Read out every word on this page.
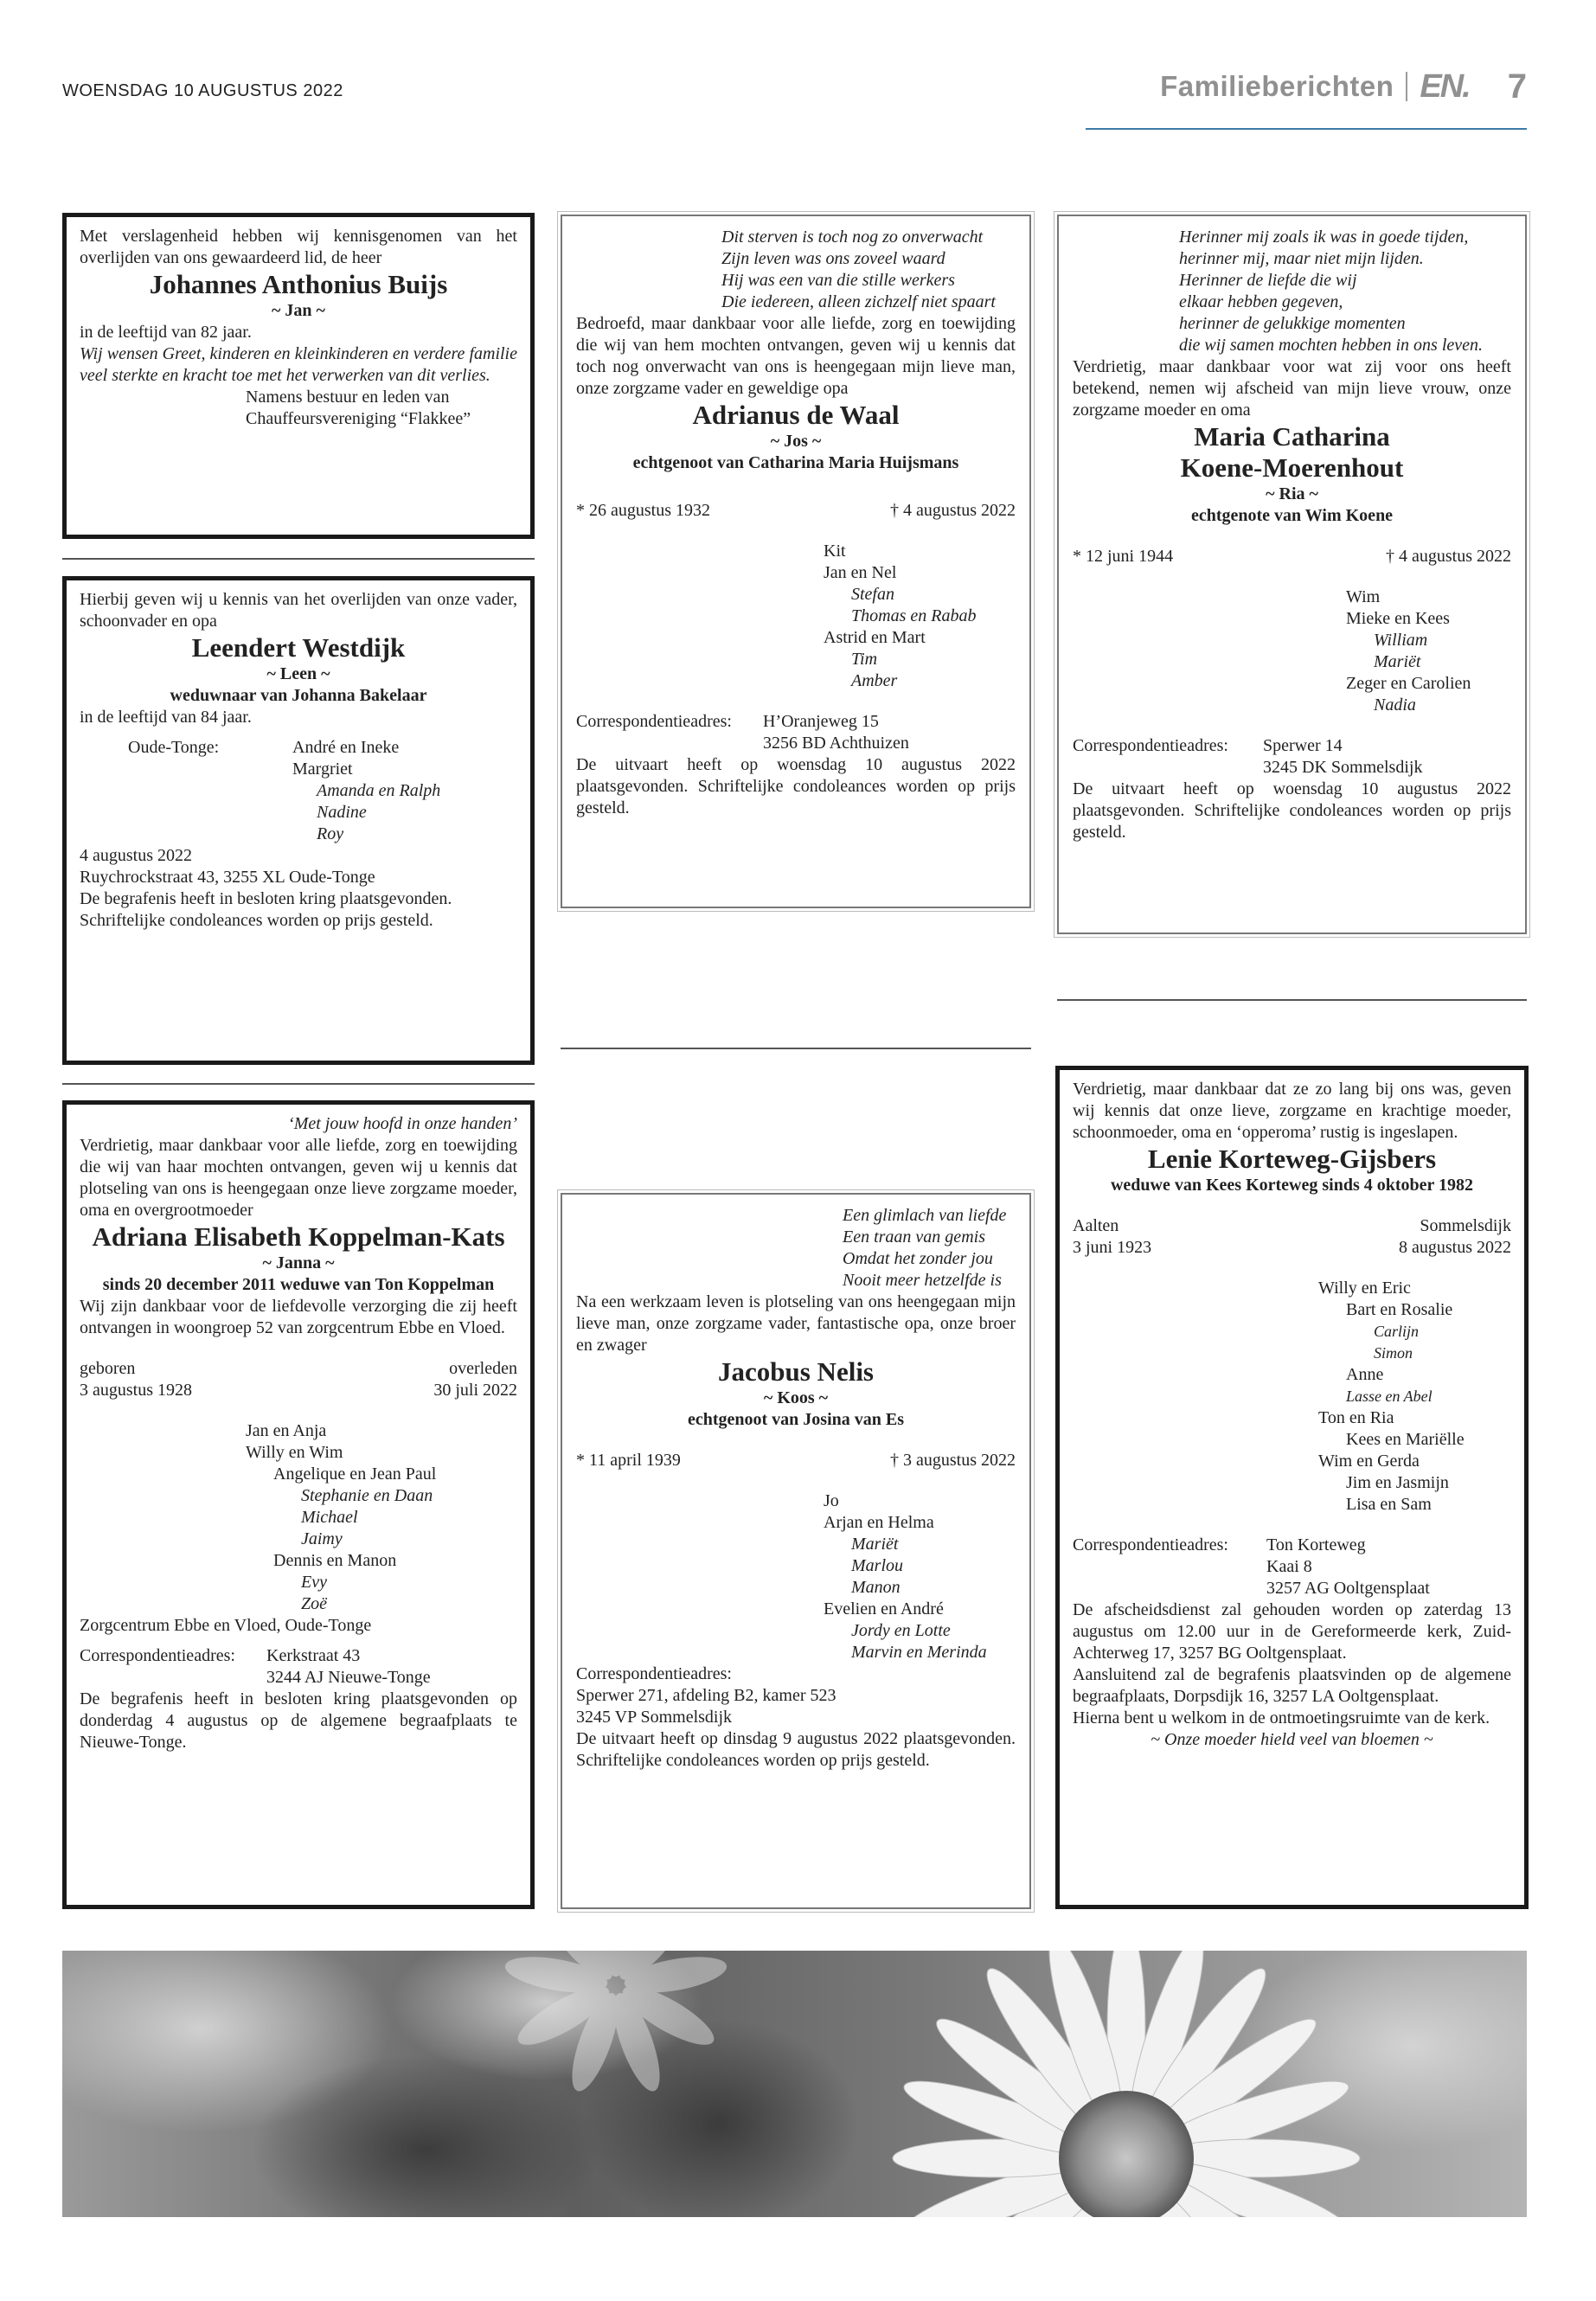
WOENSDAG 10 AUGUSTUS 2022	Familieberichten EN. 7

Met verslagenheid hebben wij kennisgenomen van het overlijden van ons gewaardeerd lid, de heer

Johannes Anthonius Buijs

~ Jan ~

in de leeftijd van 82 jaar.

Wij wensen Greet, kinderen en kleinkinderen en verdere familie veel sterkte en kracht toe met het verwerken van dit verlies.

Namens bestuur en leden van

Chauffeursvereniging “Flakkee”

Hierbij geven wij u kennis van het overlijden van onze vader, schoonvader en opa

Leendert Westdijk

~ Leen ~

weduwnaar van Johanna Bakelaar

in de leeftijd van 84 jaar.

Oude-Tonge:	André en Ineke

Margriet

Amanda en Ralph

Nadine

Roy

4 augustus 2022

Ruychrockstraat 43, 3255 XL Oude-Tonge

De begrafenis heeft in besloten kring plaatsgevonden.

Schriftelijke condoleances worden op prijs gesteld.

‘Met jouw hoofd in onze handen’

Verdrietig, maar dankbaar voor alle liefde, zorg en toewijding die wij van haar mochten ontvangen, geven wij u kennis dat plotseling van ons is heengegaan onze lieve zorgzame moeder, oma en overgrootmoeder

Adriana Elisabeth Koppelman-Kats

~ Janna ~

sinds 20 december 2011 weduwe van Ton Koppelman

Wij zijn dankbaar voor de liefdevolle verzorging die zij heeft ontvangen in woongroep 52 van zorgcentrum Ebbe en Vloed.

geboren

3 augustus 1928

overleden

30 juli 2022

Jan en Anja

Willy en Wim

Angelique en Jean Paul

Stephanie en Daan

Michael

Jaimy

Dennis en Manon

Evy

Zoë

Zorgcentrum Ebbe en Vloed, Oude-Tonge

Correspondentieadres:	Kerkstraat 43

3244 AJ Nieuwe-Tonge

De begrafenis heeft in besloten kring plaatsgevonden op donderdag 4 augustus op de algemene begraafplaats te Nieuwe-Tonge.

Dit sterven is toch nog zo onverwacht

Zijn leven was ons zoveel waard

Hij was een van die stille werkers

Die iedereen, alleen zichzelf niet spaart

Bedroefd, maar dankbaar voor alle liefde, zorg en toewijding die wij van hem mochten ontvangen, geven wij u kennis dat toch nog onverwacht van ons is heengegaan mijn lieve man, onze zorgzame vader en geweldige opa

Adrianus de Waal

~ Jos ~

echtgenoot van Catharina Maria Huijsmans

* 26 augustus 1932	† 4 augustus 2022

Kit

Jan en Nel

Stefan

Thomas en Rabab

Astrid en Mart

Tim

Amber

Correspondentieadres:	H’Oranjeweg 15

3256 BD Achthuizen

De uitvaart heeft op woensdag 10 augustus 2022 plaatsgevonden. Schriftelijke condoleances worden op prijs gesteld.

Een glimlach van liefde

Een traan van gemis

Omdat het zonder jou

Nooit meer hetzelfde is

Na een werkzaam leven is plotseling van ons heengegaan mijn lieve man, onze zorgzame vader, fantastische opa, onze broer en zwager

Jacobus Nelis

~ Koos ~

echtgenoot van Josina van Es

* 11 april 1939	† 3 augustus 2022

Jo

Arjan en Helma

Mariët

Marlou

Manon

Evelien en André

Jordy en Lotte

Marvin en Merinda

Correspondentieadres:

Sperwer 271, afdeling B2, kamer 523

3245 VP Sommelsdijk

De uitvaart heeft op dinsdag 9 augustus 2022 plaatsgevonden. Schriftelijke condoleances worden op prijs gesteld.

Herinner mij zoals ik was in goede tijden,

herinner mij, maar niet mijn lijden.

Herinner de liefde die wij

elkaar hebben gegeven,

herinner de gelukkige momenten

die wij samen mochten hebben in ons leven.

Verdrietig, maar dankbaar voor wat zij voor ons heeft betekend, nemen wij afscheid van mijn lieve vrouw, onze zorgzame moeder en oma

Maria Catharina

Koene-Moerenhout

~ Ria ~

echtgenote van Wim Koene

* 12 juni 1944	† 4 augustus 2022

Wim

Mieke en Kees

William

Mariët

Zeger en Carolien

Nadia

Correspondentieadres:	Sperwer 14

3245 DK Sommelsdijk

De uitvaart heeft op woensdag 10 augustus 2022 plaatsgevonden. Schriftelijke condoleances worden op prijs gesteld.

Verdrietig, maar dankbaar dat ze zo lang bij ons was, geven wij kennis dat onze lieve, zorgzame en krachtige moeder, schoonmoeder, oma en ‘opperoma’ rustig is ingeslapen.

Lenie Korteweg-Gijsbers

weduwe van Kees Korteweg sinds 4 oktober 1982

Aalten

3 juni 1923

Sommelsdijk

8 augustus 2022

Willy en Eric

Bart en Rosalie

Carlijn

Simon

Anne

Lasse en Abel

Ton en Ria

Kees en Mariëlle

Wim en Gerda

Jim en Jasmijn

Lisa en Sam

Correspondentieadres:	Ton Korteweg

Kaai 8

3257 AG Ooltgensplaat

De afscheidsdienst zal gehouden worden op zaterdag 13 augustus om 12.00 uur in de Gereformeerde kerk, Zuid-Achterweg 17, 3257 BG Ooltgensplaat.

Aansluitend zal de begrafenis plaatsvinden op de algemene begraafplaats, Dorpsdijk 16, 3257 LA Ooltgensplaat.

Hierna bent u welkom in de ontmoetingsruimte van de kerk.

~ Onze moeder hield veel van bloemen ~
